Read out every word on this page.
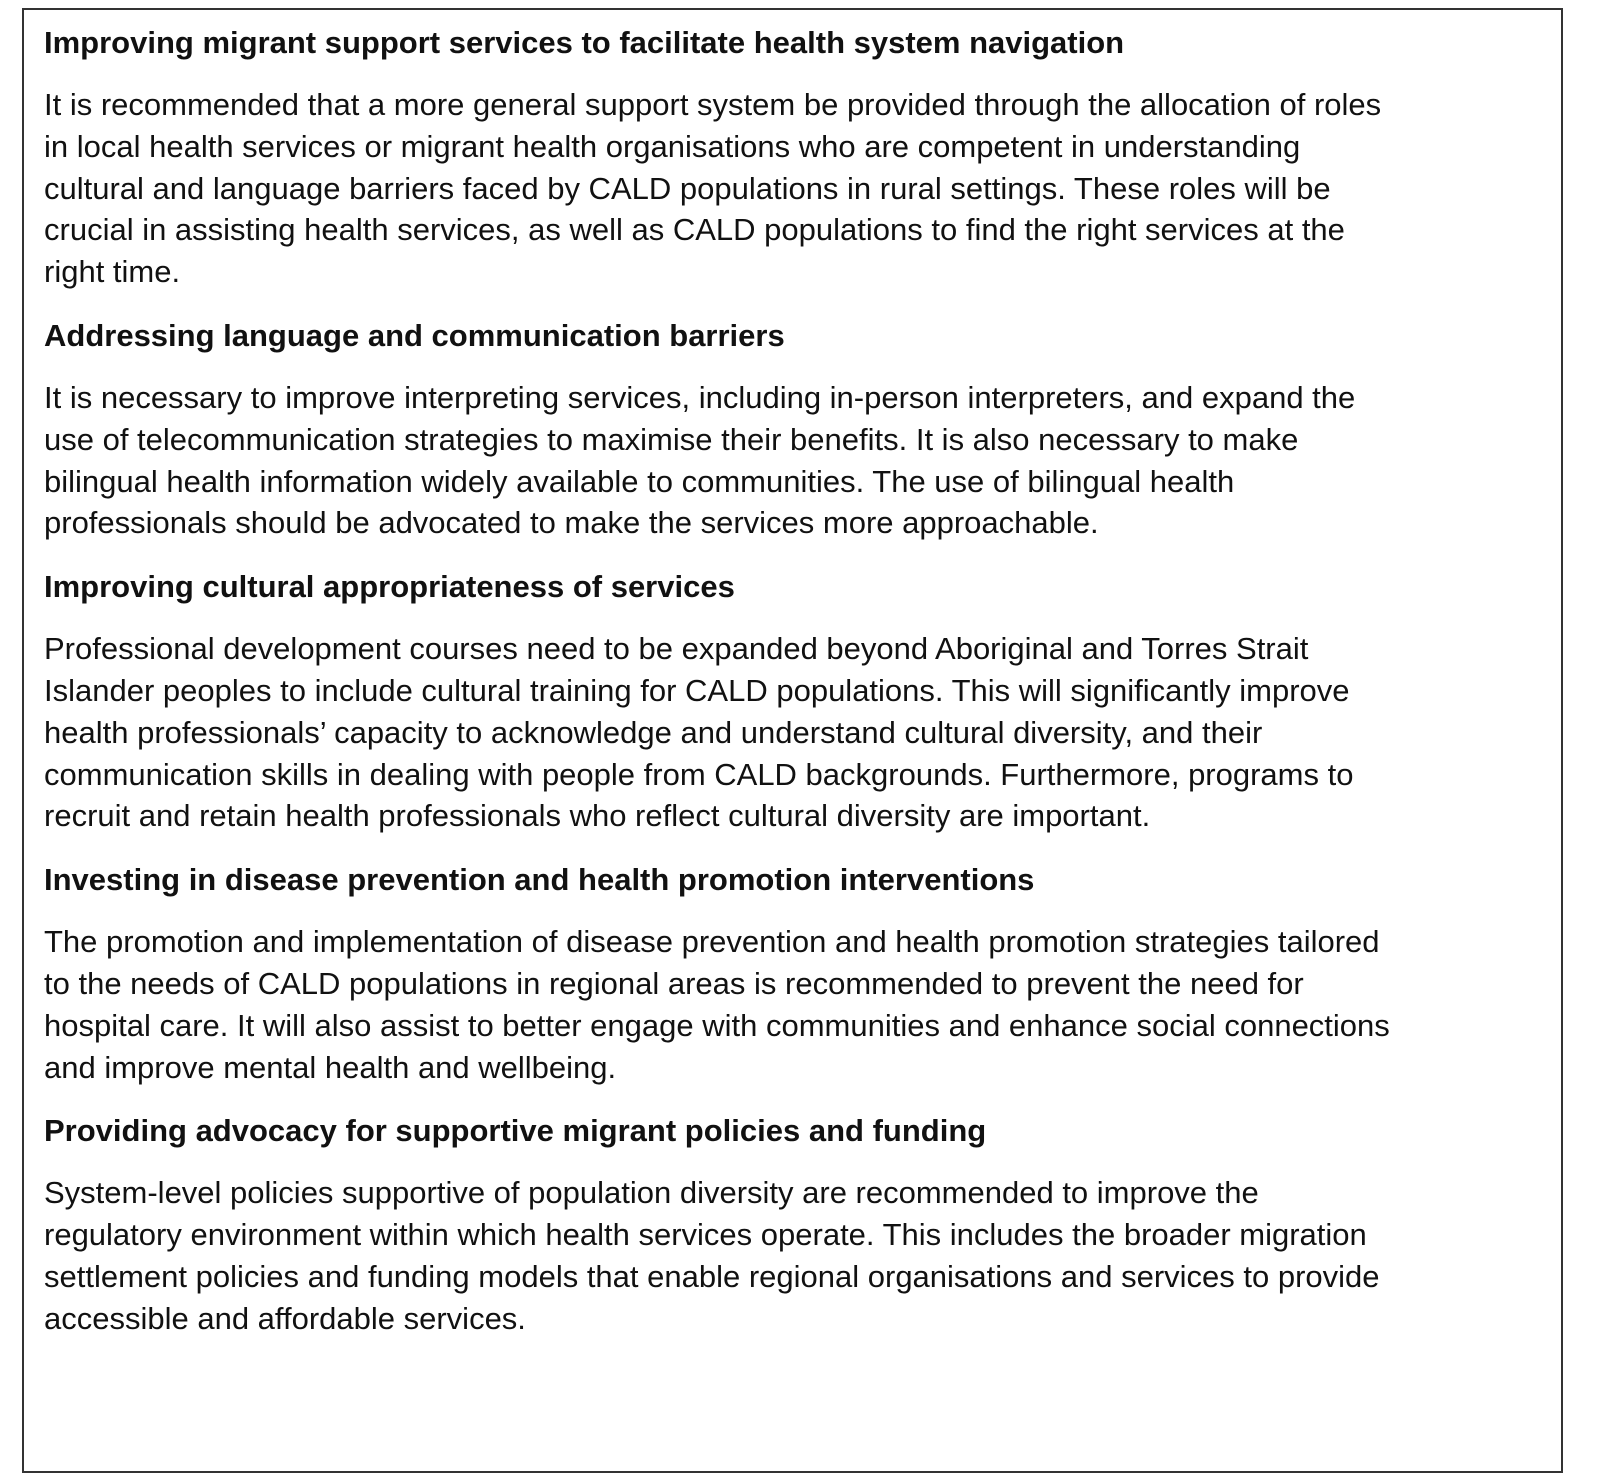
Improving migrant support services to facilitate health system navigation

It is recommended that a more general support system be provided through the allocation of roles
in local health services or migrant health organisations who are competent in understanding
cultural and language barriers faced by CALD populations in rural settings. These roles will be
crucial in assisting health services, as well as CALD populations to find the right services at the
right time.

Addressing language and communication barriers

It is necessary to improve interpreting services, including in-person interpreters, and expand the
use of telecommunication strategies to maximise their benefits. It is also necessary to make
bilingual health information widely available to communities. The use of bilingual health
professionals should be advocated to make the services more approachable.

Improving cultural appropriateness of services

Professional development courses need to be expanded beyond Aboriginal and Torres Strait
Islander peoples to include cultural training for CALD populations. This will significantly improve
health professionals’ capacity to acknowledge and understand cultural diversity, and their
communication skills in dealing with people from CALD backgrounds. Furthermore, programs to
recruit and retain health professionals who reflect cultural diversity are important.

Investing in disease prevention and health promotion interventions

The promotion and implementation of disease prevention and health promotion strategies tailored
to the needs of CALD populations in regional areas is recommended to prevent the need for
hospital care. It will also assist to better engage with communities and enhance social connections
and improve mental health and wellbeing.

Providing advocacy for supportive migrant policies and funding

System-level policies supportive of population diversity are recommended to improve the
regulatory environment within which health services operate. This includes the broader migration
settlement policies and funding models that enable regional organisations and services to provide
accessible and affordable services.
